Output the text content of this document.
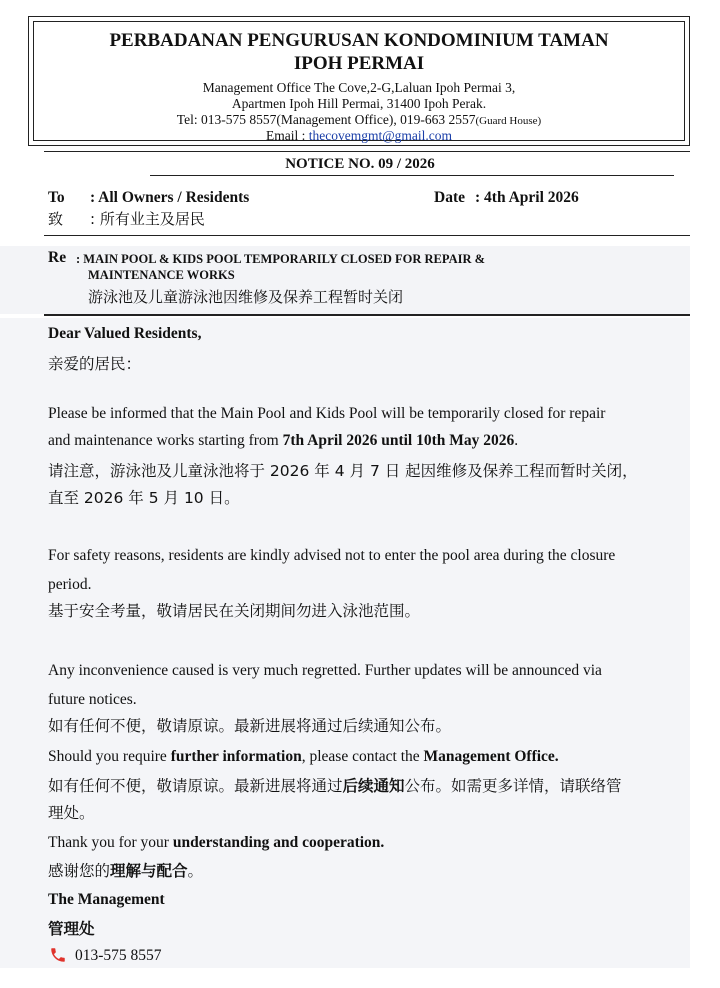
PERBADANAN PENGURUSAN KONDOMINIUM TAMAN
IPOH PERMAI
Management Office The Cove,2-G,Laluan Ipoh Permai 3,
Apartmen Ipoh Hill Permai, 31400 Ipoh Perak.
Tel: 013-575 8557(Management Office), 019-663 2557(Guard House)
Email : thecovemgmt@gmail.com
NOTICE NO. 09 / 2026
To : All Owners / Residents	Date : 4th April 2026
致 : 所有业主及居民
Re : MAIN POOL & KIDS POOL TEMPORARILY CLOSED FOR REPAIR &
MAINTENANCE WORKS
游泳池及儿童游泳池因维修及保养工程暂时关闭
Dear Valued Residents,
亲爱的居民：
Please be informed that the Main Pool and Kids Pool will be temporarily closed for repair
and maintenance works starting from 7th April 2026 until 10th May 2026.
请注意，游泳池及儿童泳池将于 2026 年 4 月 7 日 起因维修及保养工程而暂时关闭，
直至 2026 年 5 月 10 日。
For safety reasons, residents are kindly advised not to enter the pool area during the closure
period.
基于安全考量，敬请居民在关闭期间勿进入泳池范围。
Any inconvenience caused is very much regretted. Further updates will be announced via
future notices.
如有任何不便，敬请原谅。最新进展将通过后续通知公布。
Should you require further information, please contact the Management Office.
如有任何不便，敬请原谅。最新进展将通过后续通知公布。如需更多详情，请联络管
理处。
Thank you for your understanding and cooperation.
感谢您的理解与配合。
The Management
管理处
013-575 8557
